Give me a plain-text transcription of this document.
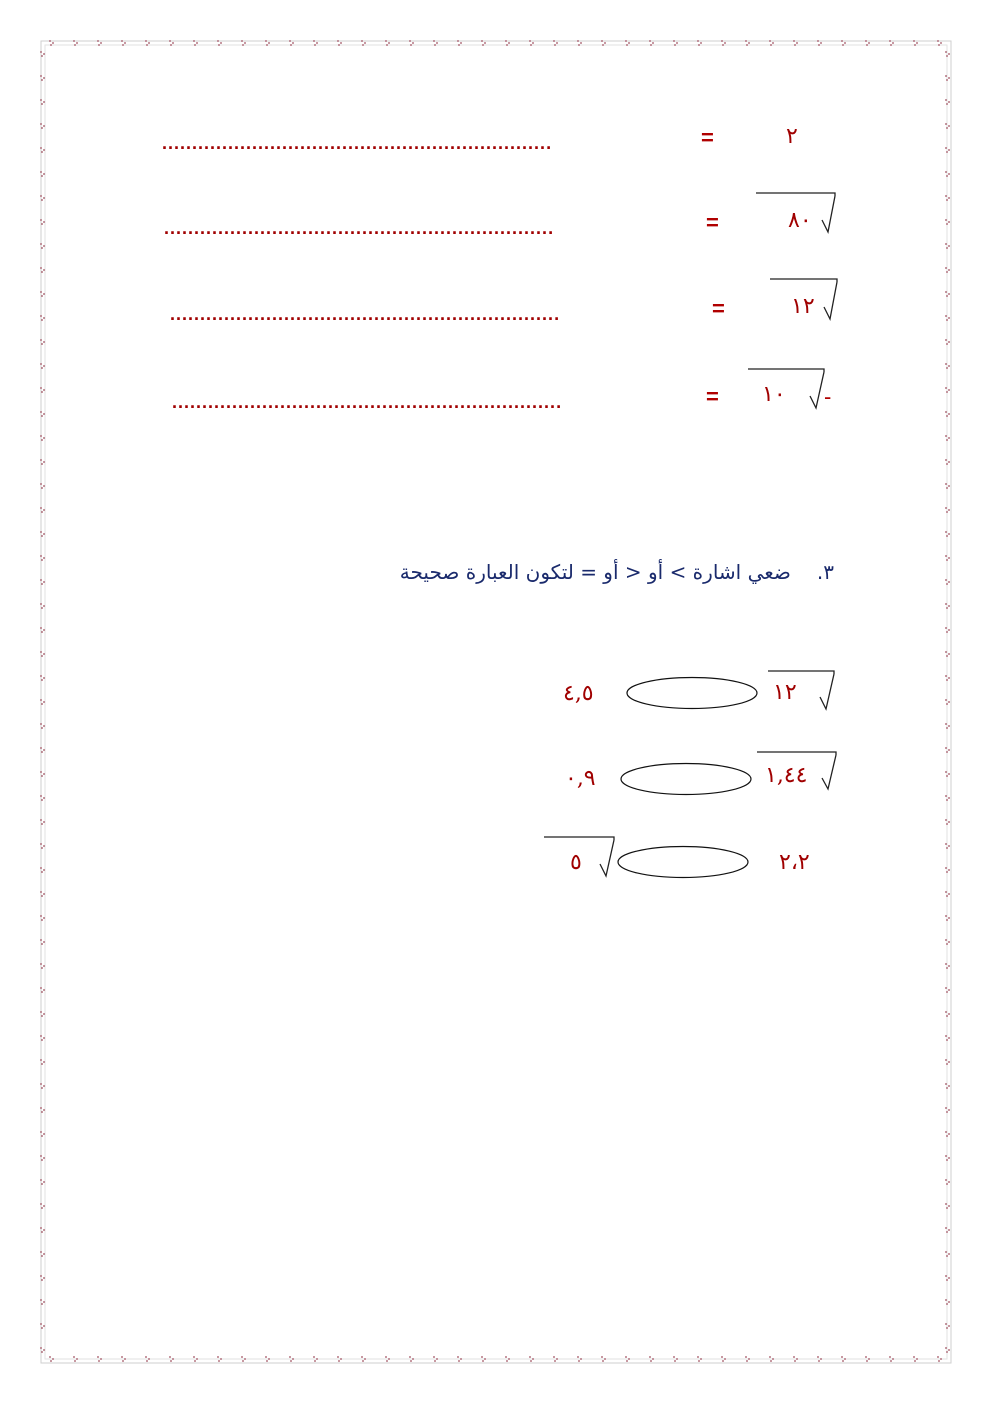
٢
=
.................................................................
٨٠
=
.................................................................
١٢
=
.................................................................
١٠ -
=
.................................................................
٣.ضعي اشارة > أو < أو = لتكون العبارة صحيحة
١٢
٤,٥
١,٤٤
٠,٩
٢،٢
٥
